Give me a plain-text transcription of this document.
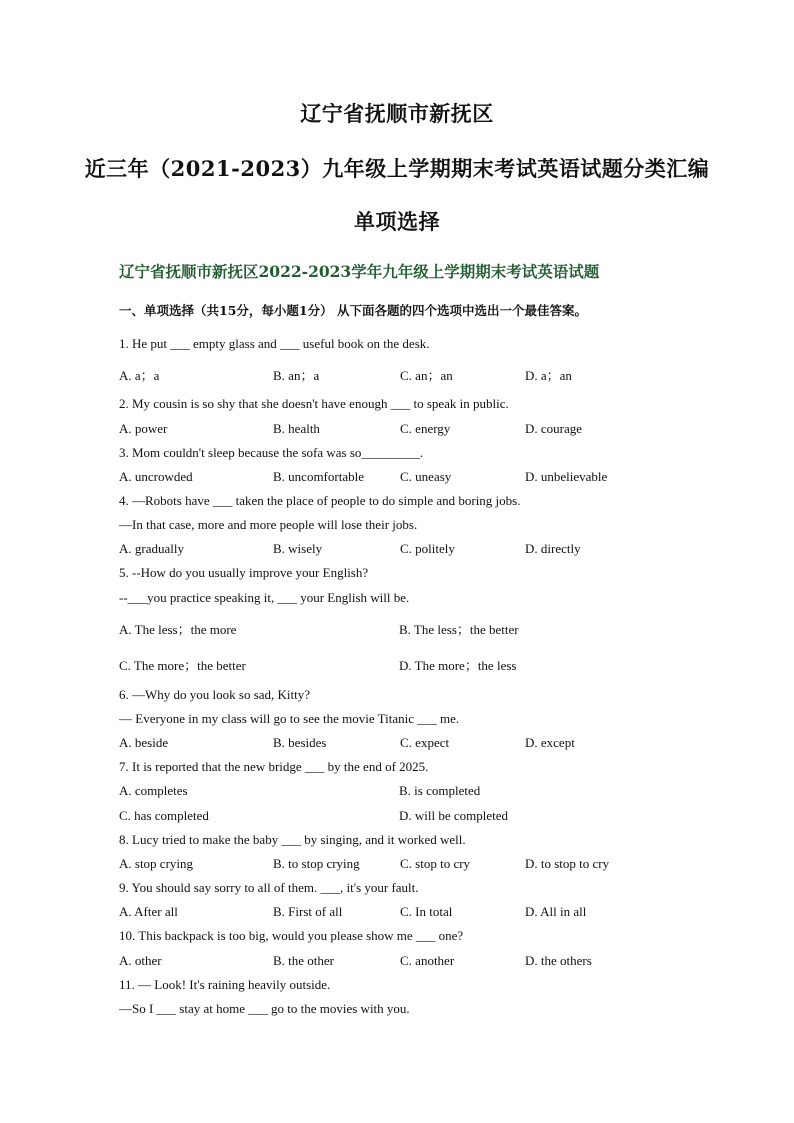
辽宁省抚顺市新抚区
近三年（2021-2023）九年级上学期期末考试英语试题分类汇编
单项选择
辽宁省抚顺市新抚区2022-2023学年九年级上学期期末考试英语试题
一、单项选择（共15分，每小题1分） 从下面各题的四个选项中选出一个最佳答案。
1. He put ___ empty glass and ___ useful book on the desk.
A. a；a	B. an；a	C. an；an	D. a；an
2. My cousin is so shy that she doesn't have enough ___ to speak in public.
A. power	B. health	C. energy	D. courage
3. Mom couldn't sleep because the sofa was so_________.
A. uncrowded	B. uncomfortable	C. uneasy	D. unbelievable
4. —Robots have ___ taken the place of people to do simple and boring jobs.
—In that case, more and more people will lose their jobs.
A. gradually	B. wisely	C. politely	D. directly
5. --How do you usually improve your English?
--___you practice speaking it, ___ your English will be.
A. The less；the more	B. The less；the better
C. The more；the better	D. The more；the less
6. —Why do you look so sad, Kitty?
— Everyone in my class will go to see the movie Titanic ___ me.
A. beside	B. besides	C. expect	D. except
7. It is reported that the new bridge ___ by the end of 2025.
A. completes	B. is completed
C. has completed	D. will be completed
8. Lucy tried to make the baby ___ by singing, and it worked well.
A. stop crying	B. to stop crying	C. stop to cry	D. to stop to cry
9. You should say sorry to all of them. ___, it's your fault.
A. After all	B. First of all	C. In total	D. All in all
10. This backpack is too big, would you please show me ___ one?
A. other	B. the other	C. another	D. the others
11. — Look! It's raining heavily outside.
—So I ___ stay at home ___ go to the movies with you.
